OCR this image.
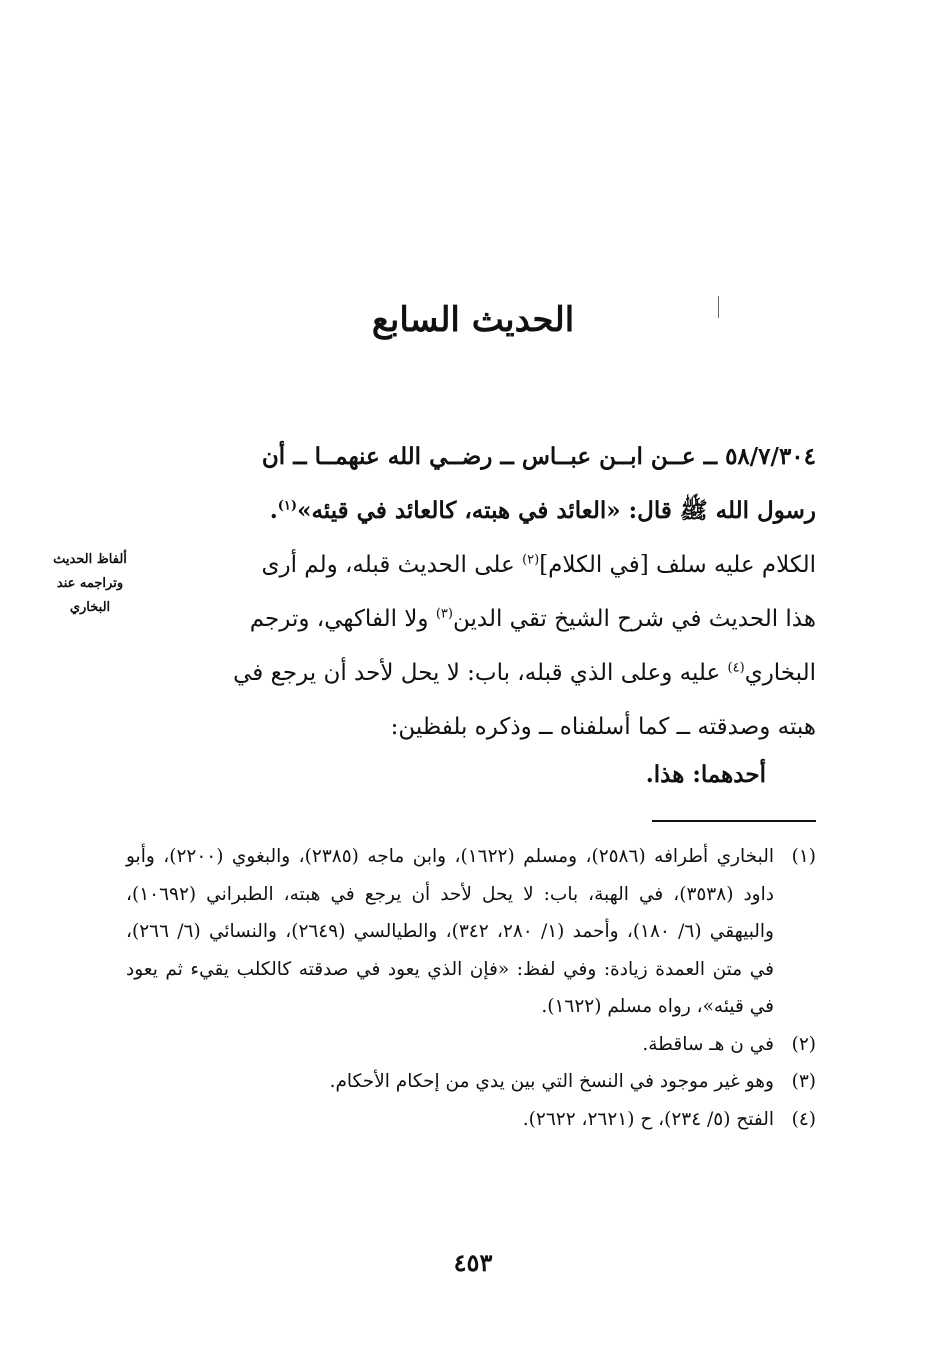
الحديث السابع
٥٨/٧/٣٠٤ ــ عــن ابــن عبــاس ــ رضــي الله عنهمــا ــ أن
رسول الله ﷺ قال: «العائد في هبته، كالعائد في قيئه»$^{(١)}$.
الكلام عليه سلف [في الكلام]$^{(٢)}$ على الحديث قبله، ولم أرى
هذا الحديث في شرح الشيخ تقي الدين$^{(٣)}$ ولا الفاكهي، وترجم
البخاري$^{(٤)}$ عليه وعلى الذي قبله، باب: لا يحل لأحد أن يرجع في
هبته وصدقته ــ كما أسلفناه ــ وذكره بلفظين:
أحدهما: هذا.
ألفاظ الحديث
وتراجمه عند
البخاري
(١)
البخاري أطرافه (٢٥٨٦)، ومسلم (١٦٢٢)، وابن ماجه (٢٣٨٥)، والبغوي (٢٢٠٠)، وأبو داود (٣٥٣٨)، في الهبة، باب: لا يحل لأحد أن يرجع في هبته، الطبراني (١٠٦٩٢)، والبيهقي (٦/ ١٨٠)، وأحمد (١/ ٢٨٠، ٣٤٢)، والطيالسي (٢٦٤٩)، والنسائي (٦/ ٢٦٦)، في متن العمدة زيادة: وفي لفظ: «فإن الذي يعود في صدقته كالكلب يقيء ثم يعود في قيئه»، رواه مسلم (١٦٢٢).
(٢)
في ن هـ ساقطة.
(٣)
وهو غير موجود في النسخ التي بين يدي من إحكام الأحكام.
(٤)
الفتح (٥/ ٢٣٤)، ح (٢٦٢١، ٢٦٢٢).
٤٥٣
